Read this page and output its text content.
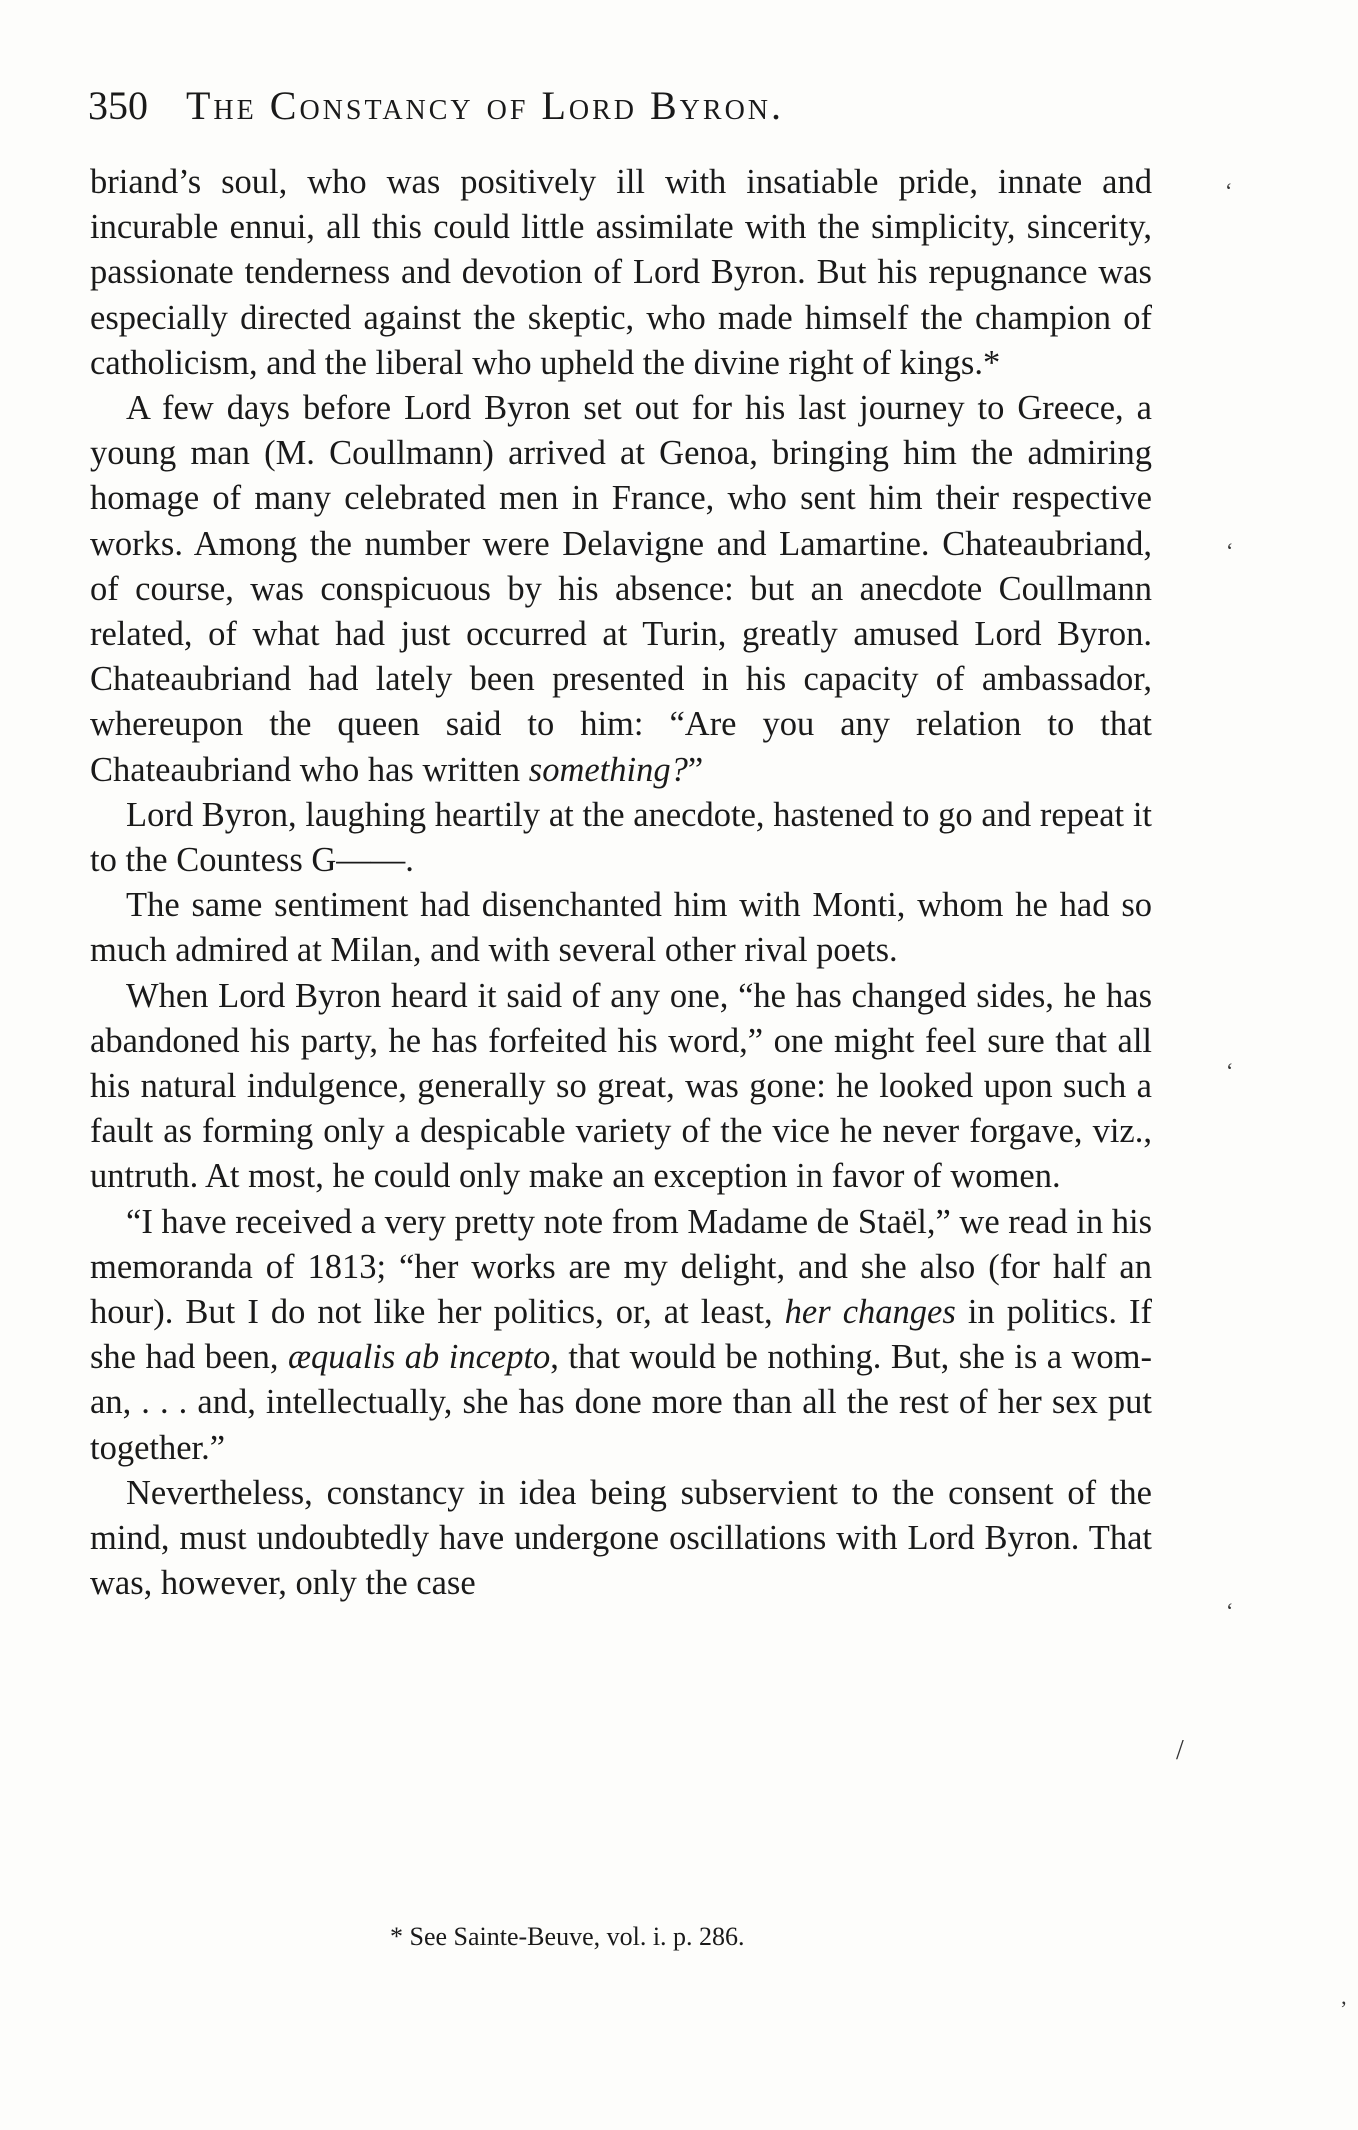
350 The Constancy of Lord Byron.

briand’s soul, who was positively ill with insatiable pride, innate and incurable ennui, all this could little assimilate with the simplicity, sincerity, passionate tenderness and devotion of Lord Byron. But his repugnance was especially directed against the skeptic, who made himself the champion of catholicism, and the liberal who upheld the divine right of kings.*

A few days before Lord Byron set out for his last journey to Greece, a young man (M. Coullmann) arrived at Genoa, bringing him the admiring homage of many celebrated men in France, who sent him their respective works. Among the number were Delavigne and Lamartine. Chateaubriand, of course, was conspicuous by his absence: but an anecdote Coullmann related, of what had just occurred at Turin, greatly amused Lord Byron. Chateaubriand had lately been presented in his capacity of ambassador, whereupon the queen said to him: “Are you any relation to that Chateaubriand who has written something?”

Lord Byron, laughing heartily at the anecdote, hastened to go and repeat it to the Countess G——.

The same sentiment had disenchanted him with Monti, whom he had so much admired at Milan, and with several other rival poets.

When Lord Byron heard it said of any one, “he has changed sides, he has abandoned his party, he has forfeited his word,” one might feel sure that all his natural indulgence, generally so great, was gone: he looked upon such a fault as forming only a despicable variety of the vice he never forgave, viz., untruth. At most, he could only make an exception in favor of women.

“I have received a very pretty note from Madame de Staël,” we read in his memoranda of 1813; “her works are my delight, and she also (for half an hour). But I do not like her politics, or, at least, her changes in politics. If she had been, æqualis ab incepto, that would be nothing. But, she is a woman, . . . and, intellectually, she has done more than all the rest of her sex put together.”

Nevertheless, constancy in idea being subservient to the consent of the mind, must undoubtedly have undergone oscillations with Lord Byron. That was, however, only the case

* See Sainte-Beuve, vol. i. p. 286.
‘
‘
‘
‘
/
’
